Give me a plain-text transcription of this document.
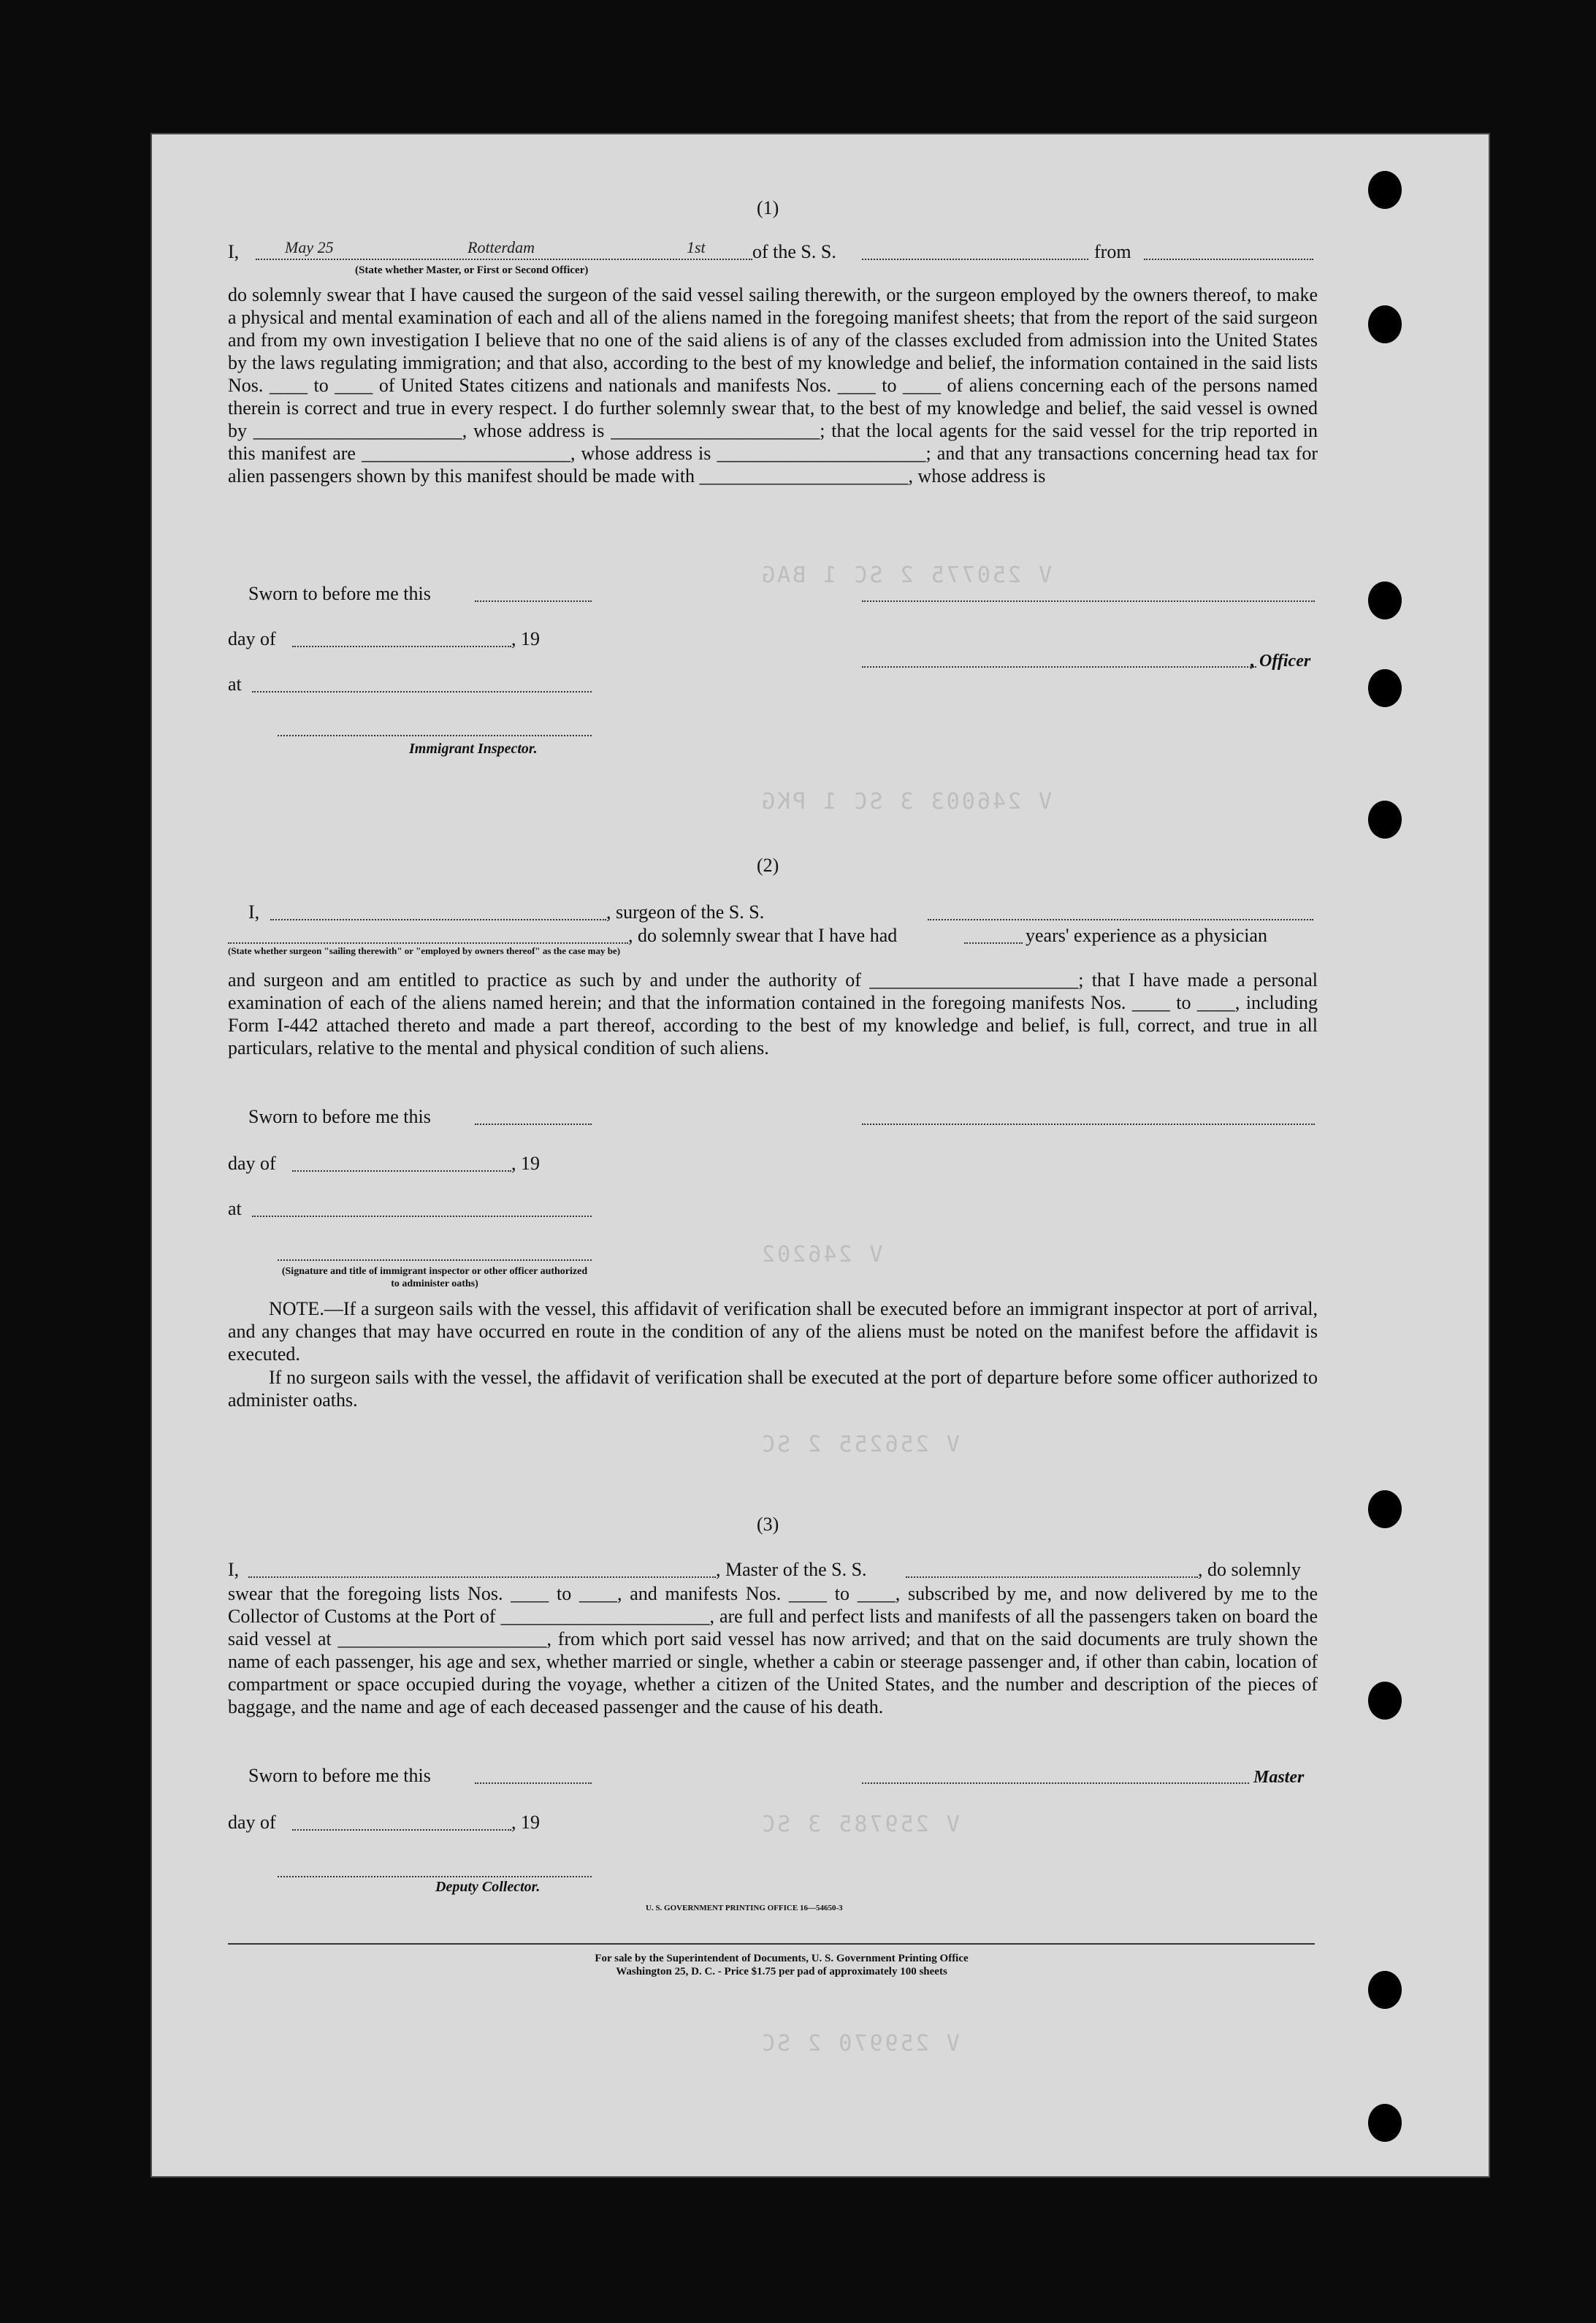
V 250775 2 SC 1 BAG
V 246003 3 SC 1 PKG
V 246202
V 256255 2 SC
V 259785 3 SC
V 259970 2 SC
(1)
I,	May 25	Rotterdam	1st of the S. S.	from
(State whether Master, or First or Second Officer)
do solemnly swear that I have caused the surgeon of the said vessel sailing therewith, or the surgeon employed by the owners thereof, to make a physical and mental examination of each and all of the aliens named in the foregoing manifest sheets; that from the report of the said surgeon and from my own investigation I believe that no one of the said aliens is of any of the classes excluded from admission into the United States by the laws regulating immigration; and that also, according to the best of my knowledge and belief, the information contained in the said lists Nos. ____ to ____ of United States citizens and nationals and manifests Nos. ____ to ____ of aliens concerning each of the persons named therein is correct and true in every respect. I do further solemnly swear that, to the best of my knowledge and belief, the said vessel is owned by ______________________, whose address is ______________________; that the local agents for the said vessel for the trip reported in this manifest are ______________________, whose address is ______________________; and that any transactions concerning head tax for alien passengers shown by this manifest should be made with ______________________, whose address is
Sworn to before me this
day of	, 19
, Officer
at
Immigrant Inspector.
(2)
I,	, surgeon of the S. S.
, do solemnly swear that I have had	years' experience as a physician
(State whether surgeon "sailing therewith" or "employed by owners thereof" as the case may be)
and surgeon and am entitled to practice as such by and under the authority of ______________________; that I have made a personal examination of each of the aliens named herein; and that the information contained in the foregoing manifests Nos. ____ to ____, including Form I-442 attached thereto and made a part thereof, according to the best of my knowledge and belief, is full, correct, and true in all particulars, relative to the mental and physical condition of such aliens.
Sworn to before me this
day of	, 19
at
(Signature and title of immigrant inspector or other officer authorized to administer oaths)
NOTE.—If a surgeon sails with the vessel, this affidavit of verification shall be executed before an immigrant inspector at port of arrival, and any changes that may have occurred en route in the condition of any of the aliens must be noted on the manifest before the affidavit is executed.
If no surgeon sails with the vessel, the affidavit of verification shall be executed at the port of departure before some officer authorized to administer oaths.
(3)
I,	, Master of the S. S.	, do solemnly
swear that the foregoing lists Nos. ____ to ____, and manifests Nos. ____ to ____, subscribed by me, and now delivered by me to the Collector of Customs at the Port of ______________________, are full and perfect lists and manifests of all the passengers taken on board the said vessel at ______________________, from which port said vessel has now arrived; and that on the said documents are truly shown the name of each passenger, his age and sex, whether married or single, whether a cabin or steerage passenger and, if other than cabin, location of compartment or space occupied during the voyage, whether a citizen of the United States, and the number and description of the pieces of baggage, and the name and age of each deceased passenger and the cause of his death.
Sworn to before me this	Master
day of	, 19
Deputy Collector.
U. S. GOVERNMENT PRINTING OFFICE 16—54650-3
For sale by the Superintendent of Documents, U. S. Government Printing Office
Washington 25, D. C. - Price $1.75 per pad of approximately 100 sheets
